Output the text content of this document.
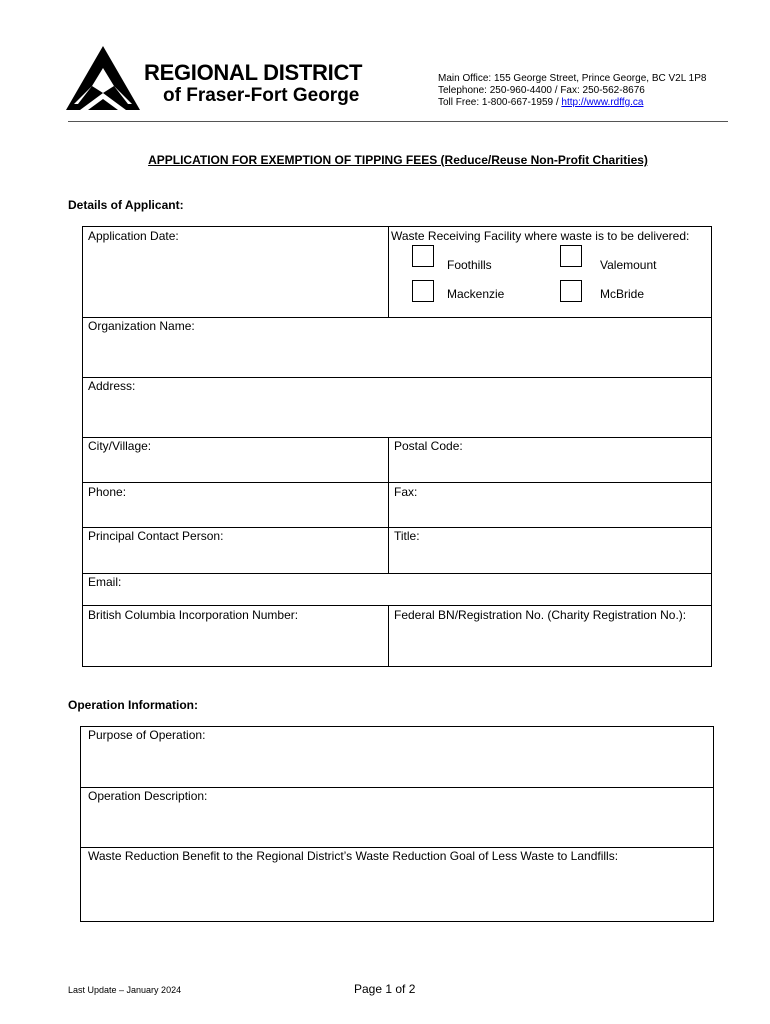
REGIONAL DISTRICT
of Fraser-Fort George
Main Office: 155 George Street, Prince George, BC V2L 1P8
Telephone: 250-960-4400 / Fax: 250-562-8676
Toll Free: 1-800-667-1959 / http://www.rdffg.ca
APPLICATION FOR EXEMPTION OF TIPPING FEES (Reduce/Reuse Non-Profit Charities)
Details of Applicant:
Application Date:	Waste Receiving Facility where waste is to be delivered:
Foothills	Valemount
Mackenzie	McBride
Organization Name:
Address:
City/Village:	Postal Code:
Phone:	Fax:
Principal Contact Person:	Title:
Email:
British Columbia Incorporation Number:	Federal BN/Registration No. (Charity Registration No.):
Operation Information:
Purpose of Operation:
Operation Description:
Waste Reduction Benefit to the Regional District’s Waste Reduction Goal of Less Waste to Landfills:
Last Update – January 2024	Page 1 of 2
